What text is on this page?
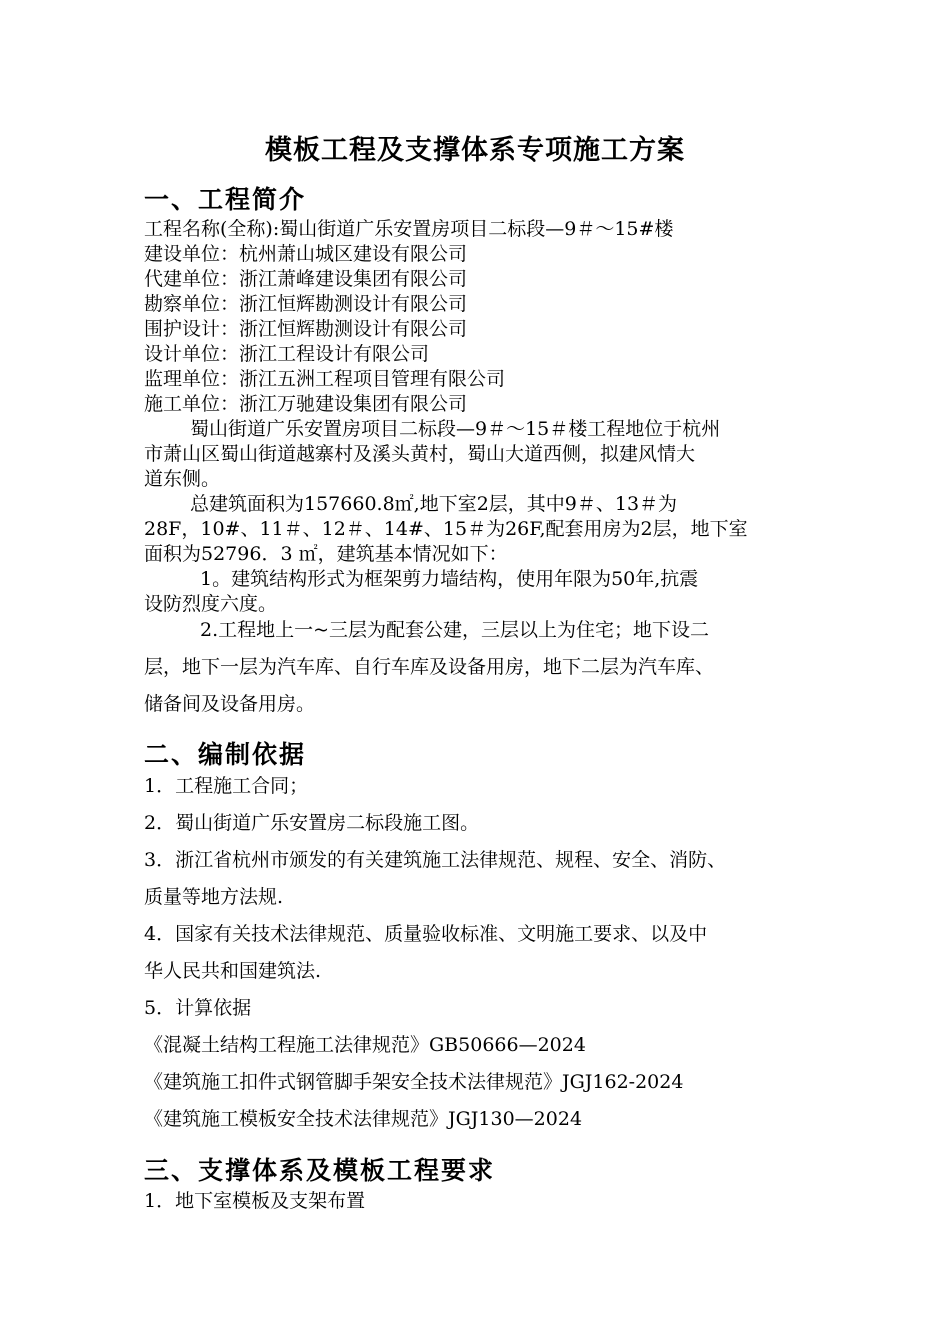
模板工程及支撑体系专项施工方案
一、工程简介
工程名称(全称):蜀山街道广乐安置房项目二标段—9＃～15#楼
建设单位：杭州萧山城区建设有限公司
代建单位：浙江萧峰建设集团有限公司
勘察单位：浙江恒辉勘测设计有限公司
围护设计：浙江恒辉勘测设计有限公司
设计单位：浙江工程设计有限公司
监理单位：浙江五洲工程项目管理有限公司
施工单位：浙江万驰建设集团有限公司
蜀山街道广乐安置房项目二标段—9＃～15＃楼工程地位于杭州
市萧山区蜀山街道越寨村及溪头黄村，蜀山大道西侧，拟建风情大
道东侧。
总建筑面积为157660.8㎡,地下室2层，其中9＃、13＃为
28F，10#、11＃、12＃、14#、15＃为26F,配套用房为2层，地下室
面积为52796．3 ㎡，建筑基本情况如下：
1。建筑结构形式为框架剪力墙结构，使用年限为50年,抗震
设防烈度六度。
2.工程地上一~三层为配套公建，三层以上为住宅；地下设二
层，地下一层为汽车库、自行车库及设备用房，地下二层为汽车库、
储备间及设备用房。
二、编制依据
1．工程施工合同；
2．蜀山街道广乐安置房二标段施工图。
3．浙江省杭州市颁发的有关建筑施工法律规范、规程、安全、消防、
质量等地方法规.
4．国家有关技术法律规范、质量验收标准、文明施工要求、以及中
华人民共和国建筑法.
5．计算依据
《混凝土结构工程施工法律规范》GB50666—2024
《建筑施工扣件式钢管脚手架安全技术法律规范》JGJ162-2024
《建筑施工模板安全技术法律规范》JGJ130—2024
三、支撑体系及模板工程要求
1．地下室模板及支架布置
